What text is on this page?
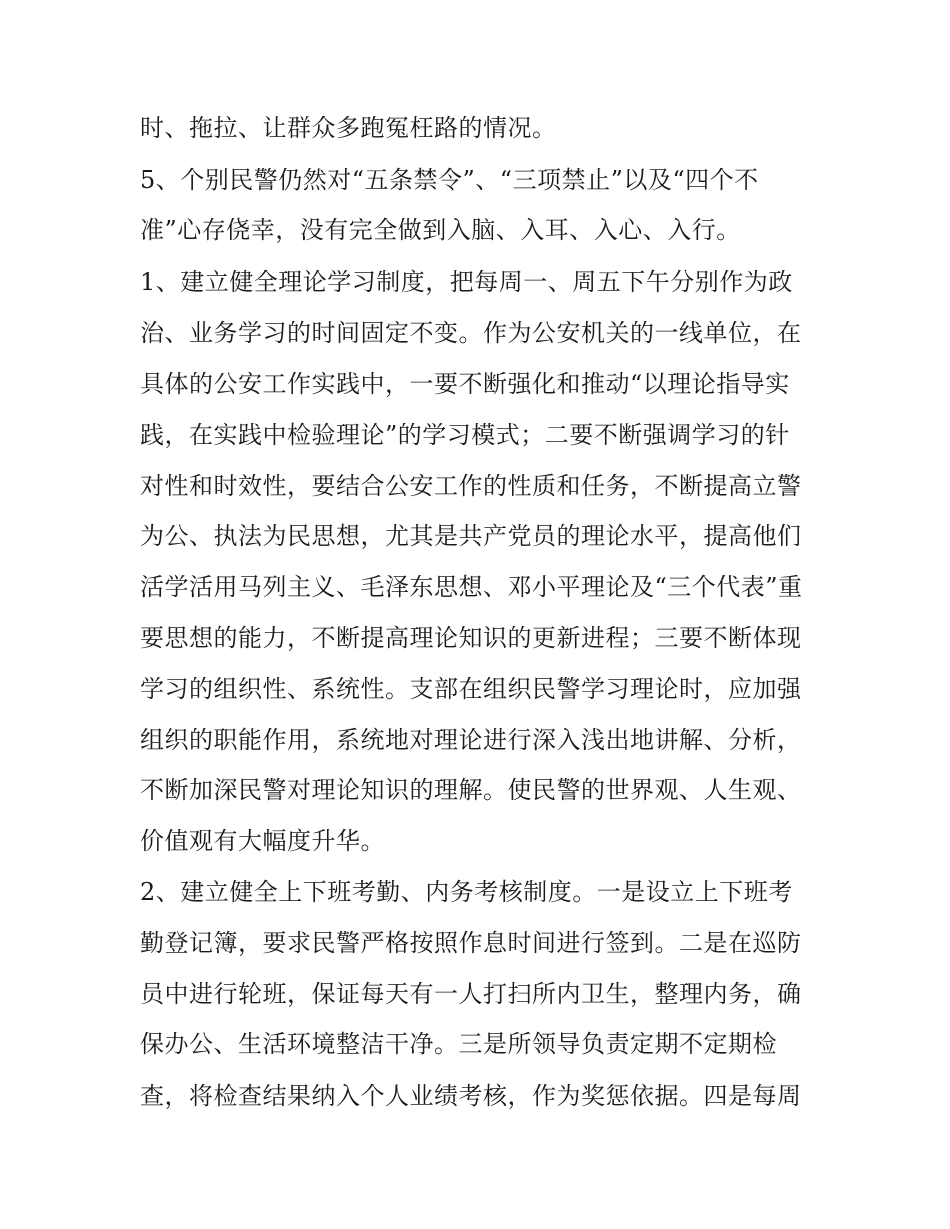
时、拖拉、让群众多跑冤枉路的情况。
5、个别民警仍然对“五条禁令”、“三项禁止”以及“四个不
准”心存侥幸，没有完全做到入脑、入耳、入心、入行。
1、建立健全理论学习制度，把每周一、周五下午分别作为政
治、业务学习的时间固定不变。作为公安机关的一线单位，在
具体的公安工作实践中，一要不断强化和推动“以理论指导实
践，在实践中检验理论”的学习模式；二要不断强调学习的针
对性和时效性，要结合公安工作的性质和任务，不断提高立警
为公、执法为民思想，尤其是共产党员的理论水平，提高他们
活学活用马列主义、毛泽东思想、邓小平理论及“三个代表”重
要思想的能力，不断提高理论知识的更新进程；三要不断体现
学习的组织性、系统性。支部在组织民警学习理论时，应加强
组织的职能作用，系统地对理论进行深入浅出地讲解、分析，
不断加深民警对理论知识的理解。使民警的世界观、人生观、
价值观有大幅度升华。
2、建立健全上下班考勤、内务考核制度。一是设立上下班考
勤登记簿，要求民警严格按照作息时间进行签到。二是在巡防
员中进行轮班，保证每天有一人打扫所内卫生，整理内务，确
保办公、生活环境整洁干净。三是所领导负责定期不定期检
查，将检查结果纳入个人业绩考核，作为奖惩依据。四是每周
